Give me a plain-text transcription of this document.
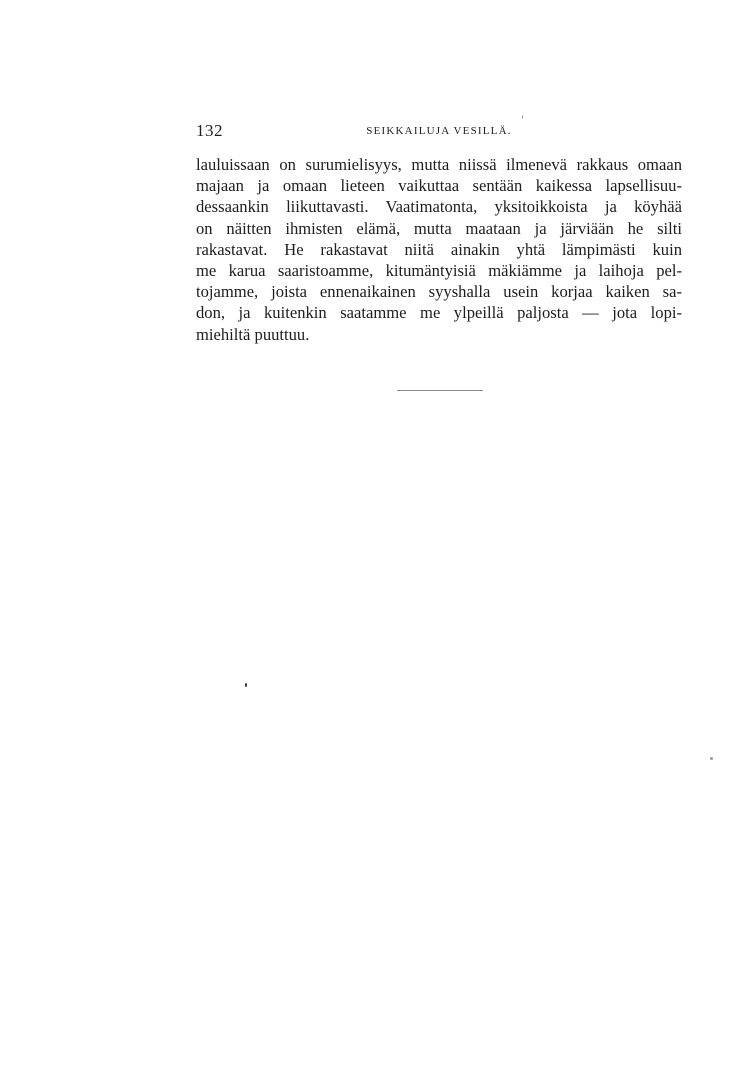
132	SEIKKAILUJA VESILLÄ.
lauluissaan on surumielisyys, mutta niissä ilmenevä rakkaus omaan
majaan ja omaan lieteen vaikuttaa sentään kaikessa lapsellisuu-
dessaankin liikuttavasti. Vaatimatonta, yksitoikkoista ja köyhää
on näitten ihmisten elämä, mutta maataan ja järviään he silti
rakastavat. He rakastavat niitä ainakin yhtä lämpimästi kuin
me karua saaristoamme, kitumäntyisiä mäkiämme ja laihoja pel-
tojamme, joista ennenaikainen syyshalla usein korjaa kaiken sa-
don, ja kuitenkin saatamme me ylpeillä paljosta — jota lopi-
miehiltä puuttuu.
